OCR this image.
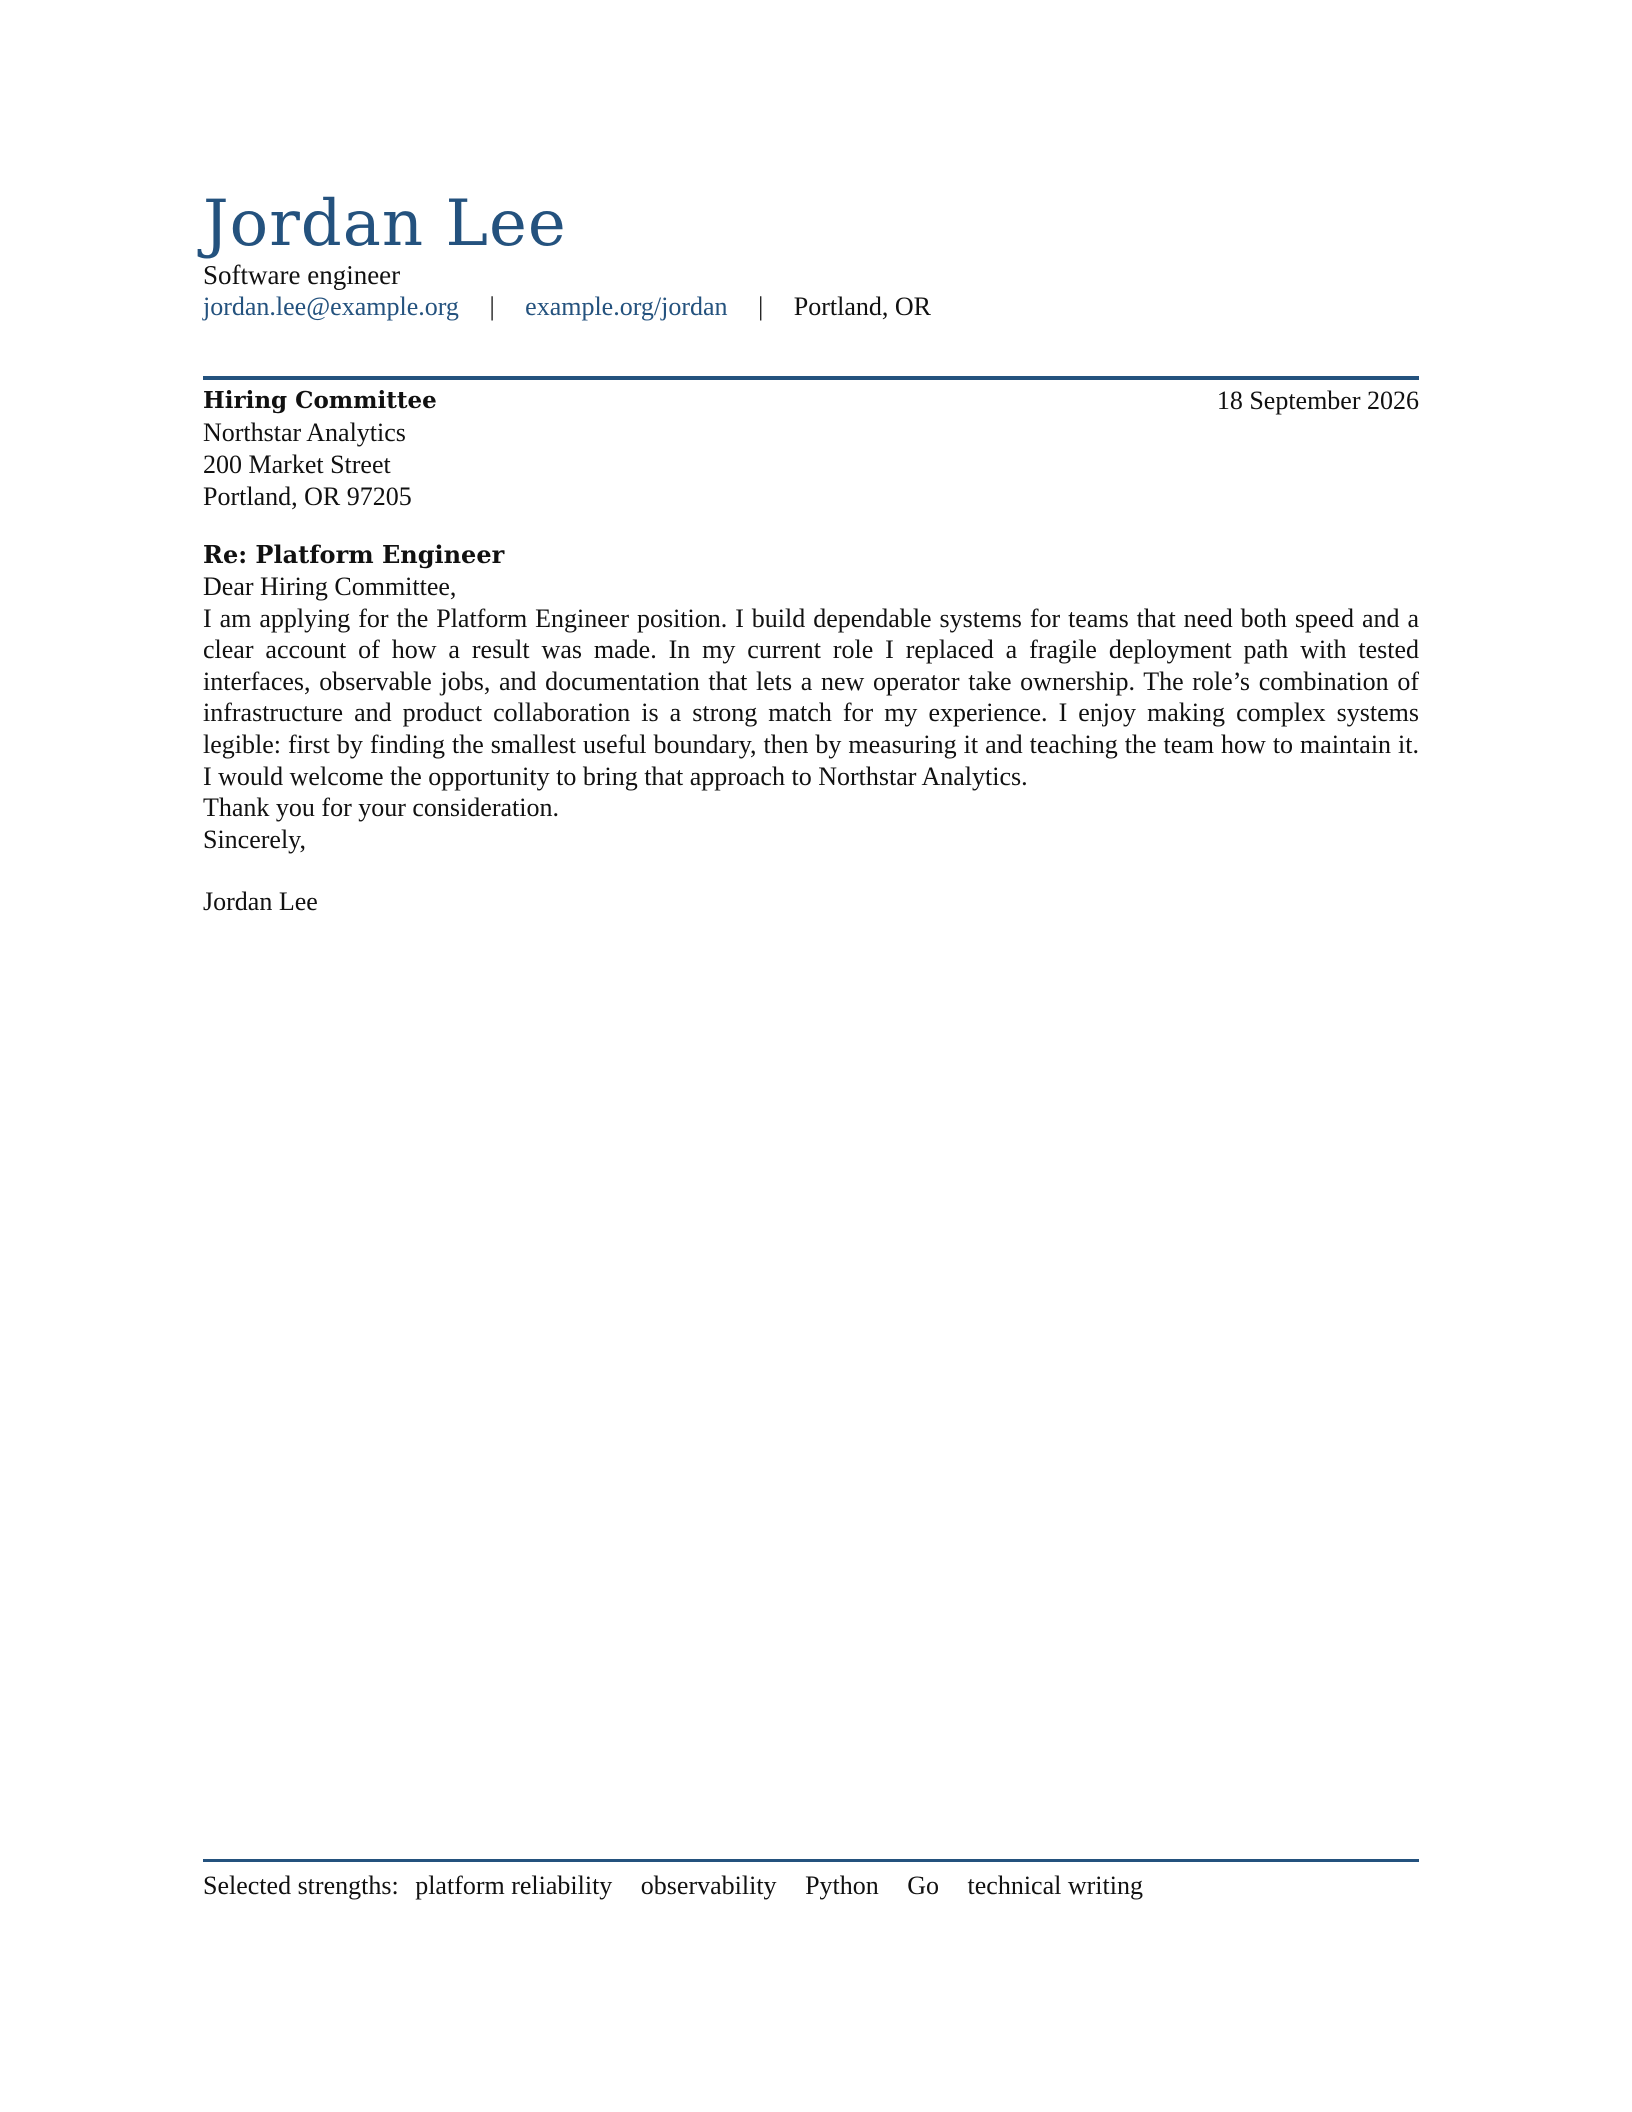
Jordan Lee
Software engineer
jordan.lee@example.org | example.org/jordan | Portland, OR
Hiring Committee
Northstar Analytics
200 Market Street
Portland, OR 97205
18 September 2026
Re: Platform Engineer

Dear Hiring Committee,

I am applying for the Platform Engineer position. I build dependable systems for teams that need both speed and a clear account of how a result was made. In my current role I replaced a fragile deployment path with tested interfaces, observable jobs, and documentation that lets a new operator take ownership. The role’s combination of infrastructure and product collaboration is a strong match for my experience. I enjoy making complex systems legible: first by finding the smallest useful boundary, then by measuring it and teaching the team how to maintain it. I would welcome the opportunity to bring that approach to Northstar Analytics.

Thank you for your consideration.

Sincerely,

Jordan Lee

Selected strengths: platform reliability observability Python Go technical writing
